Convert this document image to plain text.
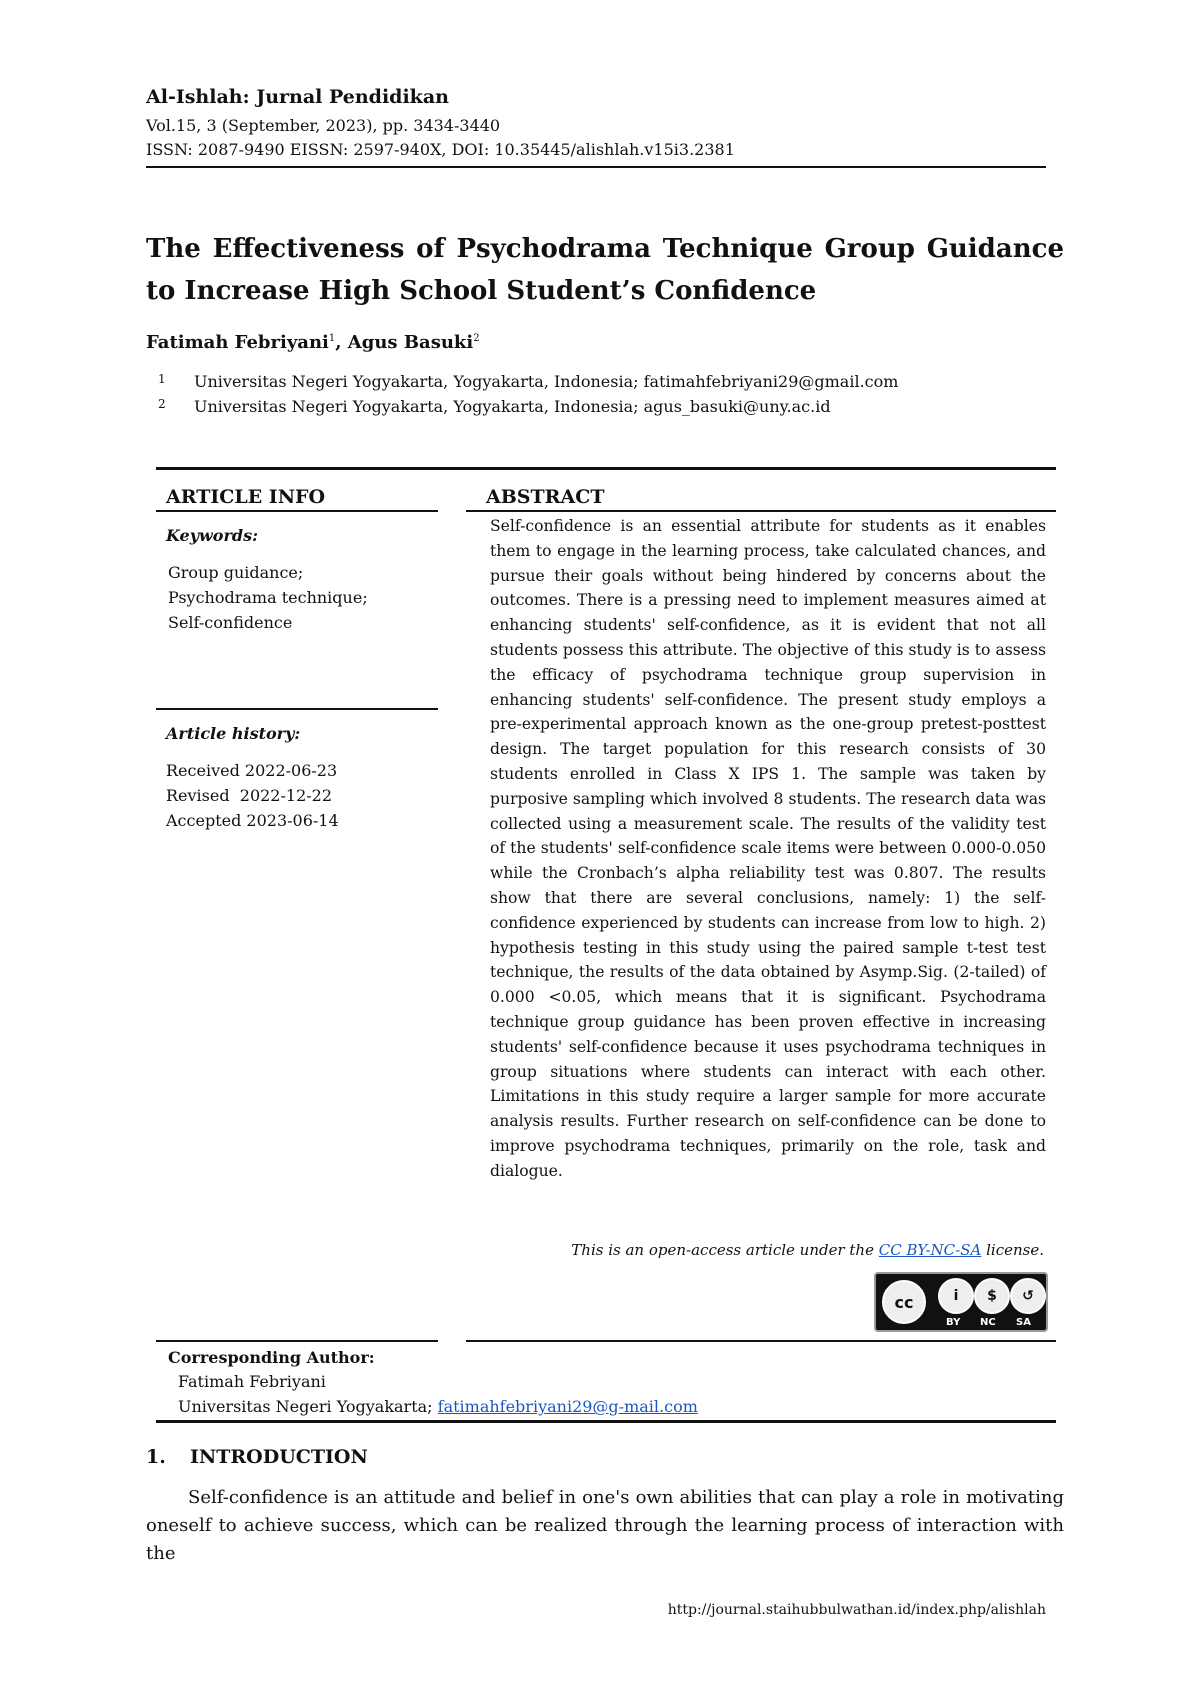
Al-Ishlah: Jurnal Pendidikan
Vol.15, 3 (September, 2023), pp. 3434-3440
ISSN: 2087-9490 EISSN: 2597-940X, DOI: 10.35445/alishlah.v15i3.2381
The Effectiveness of Psychodrama Technique Group Guidance to Increase High School Student’s Confidence
Fatimah Febriyani$^1$, Agus Basuki$^2$
1 Universitas Negeri Yogyakarta, Yogyakarta, Indonesia; fatimahfebriyani29@gmail.com
2 Universitas Negeri Yogyakarta, Yogyakarta, Indonesia; agus_basuki@uny.ac.id
ARTICLE INFO
Keywords:
Group guidance;
Psychodrama technique;
Self-confidence
Article history:
Received 2022-06-23
Revised  2022-12-22
Accepted 2023-06-14
ABSTRACT
Self-confidence is an essential attribute for students as it enables them to engage in the learning process, take calculated chances, and pursue their goals without being hindered by concerns about the outcomes. There is a pressing need to implement measures aimed at enhancing students' self-confidence, as it is evident that not all students possess this attribute. The objective of this study is to assess the efficacy of psychodrama technique group supervision in enhancing students' self-confidence. The present study employs a pre-experimental approach known as the one-group pretest-posttest design. The target population for this research consists of 30 students enrolled in Class X IPS 1. The sample was taken by purposive sampling which involved 8 students. The research data was collected using a measurement scale. The results of the validity test of the students' self-confidence scale items were between 0.000-0.050 while the Cronbach’s alpha reliability test was 0.807. The results show that there are several conclusions, namely: 1) the self-confidence experienced by students can increase from low to high. 2) hypothesis testing in this study using the paired sample t-test test technique, the results of the data obtained by Asymp.Sig. (2-tailed) of 0.000 <0.05, which means that it is significant. Psychodrama technique group guidance has been proven effective in increasing students' self-confidence because it uses psychodrama techniques in group situations where students can interact with each other. Limitations in this study require a larger sample for more accurate analysis results. Further research on self-confidence can be done to improve psychodrama techniques, primarily on the role, task and dialogue.
This is an open-access article under the CC BY-NC-SA license.
cc	i	$	↺
BY NC SA
Corresponding Author:
Fatimah Febriyani
Universitas Negeri Yogyakarta; fatimahfebriyani29@g-mail.com
1. INTRODUCTION
Self-confidence is an attitude and belief in one's own abilities that can play a role in motivating oneself to achieve success, which can be realized through the learning process of interaction with the
http://journal.staihubbulwathan.id/index.php/alishlah
